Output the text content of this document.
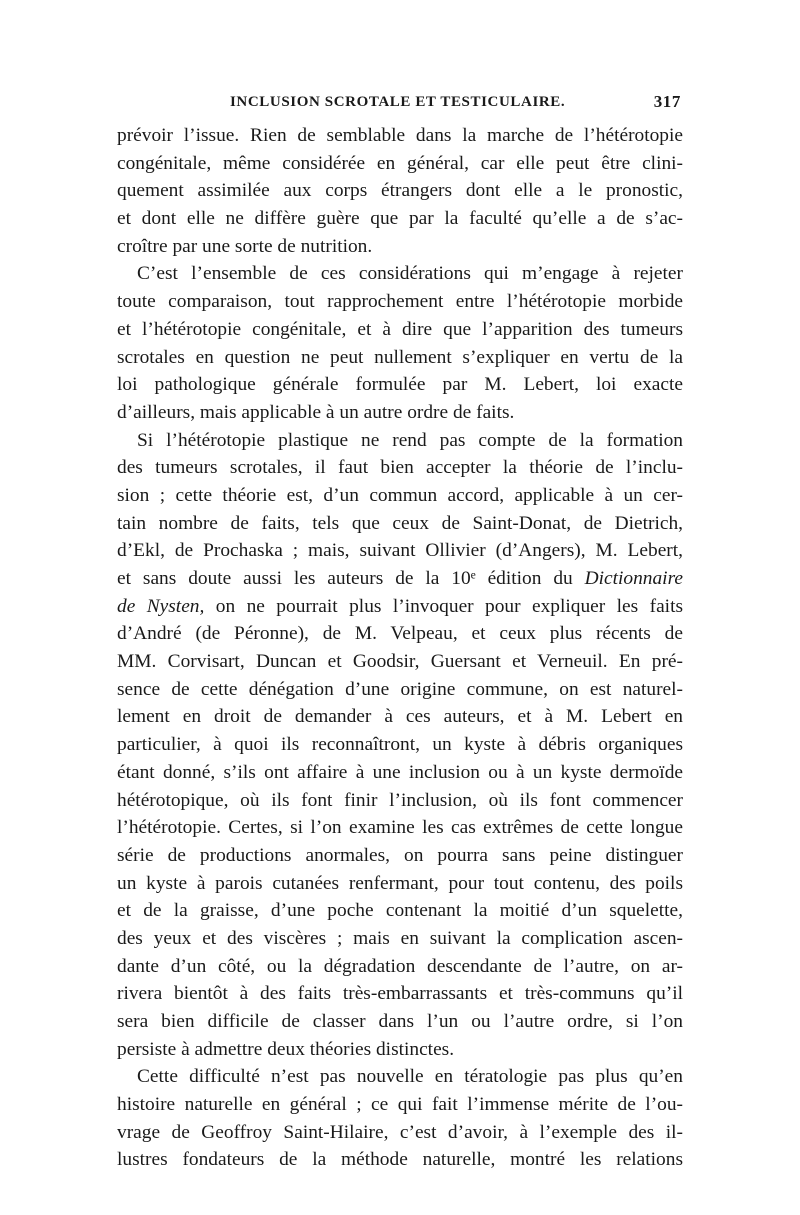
INCLUSION SCROTALE ET TESTICULAIRE.	317
prévoir l’issue. Rien de semblable dans la marche de l’hétérotopie
congénitale, même considérée en général, car elle peut être clini-
quement assimilée aux corps étrangers dont elle a le pronostic,
et dont elle ne diffère guère que par la faculté qu’elle a de s’ac-
croître par une sorte de nutrition.
C’est l’ensemble de ces considérations qui m’engage à rejeter
toute comparaison, tout rapprochement entre l’hétérotopie morbide
et l’hétérotopie congénitale, et à dire que l’apparition des tumeurs
scrotales en question ne peut nullement s’expliquer en vertu de la
loi pathologique générale formulée par M. Lebert, loi exacte
d’ailleurs, mais applicable à un autre ordre de faits.
Si l’hétérotopie plastique ne rend pas compte de la formation
des tumeurs scrotales, il faut bien accepter la théorie de l’inclu-
sion ; cette théorie est, d’un commun accord, applicable à un cer-
tain nombre de faits, tels que ceux de Saint-Donat, de Dietrich,
d’Ekl, de Prochaska ; mais, suivant Ollivier (d’Angers), M. Lebert,
et sans doute aussi les auteurs de la 10ᵉ édition du Dictionnaire
de Nysten, on ne pourrait plus l’invoquer pour expliquer les faits
d’André (de Péronne), de M. Velpeau, et ceux plus récents de
MM. Corvisart, Duncan et Goodsir, Guersant et Verneuil. En pré-
sence de cette dénégation d’une origine commune, on est naturel-
lement en droit de demander à ces auteurs, et à M. Lebert en
particulier, à quoi ils reconnaîtront, un kyste à débris organiques
étant donné, s’ils ont affaire à une inclusion ou à un kyste dermoïde
hétérotopique, où ils font finir l’inclusion, où ils font commencer
l’hétérotopie. Certes, si l’on examine les cas extrêmes de cette longue
série de productions anormales, on pourra sans peine distinguer
un kyste à parois cutanées renfermant, pour tout contenu, des poils
et de la graisse, d’une poche contenant la moitié d’un squelette,
des yeux et des viscères ; mais en suivant la complication ascen-
dante d’un côté, ou la dégradation descendante de l’autre, on ar-
rivera bientôt à des faits très-embarrassants et très-communs qu’il
sera bien difficile de classer dans l’un ou l’autre ordre, si l’on
persiste à admettre deux théories distinctes.
Cette difficulté n’est pas nouvelle en tératologie pas plus qu’en
histoire naturelle en général ; ce qui fait l’immense mérite de l’ou-
vrage de Geoffroy Saint-Hilaire, c’est d’avoir, à l’exemple des il-
lustres fondateurs de la méthode naturelle, montré les relations
